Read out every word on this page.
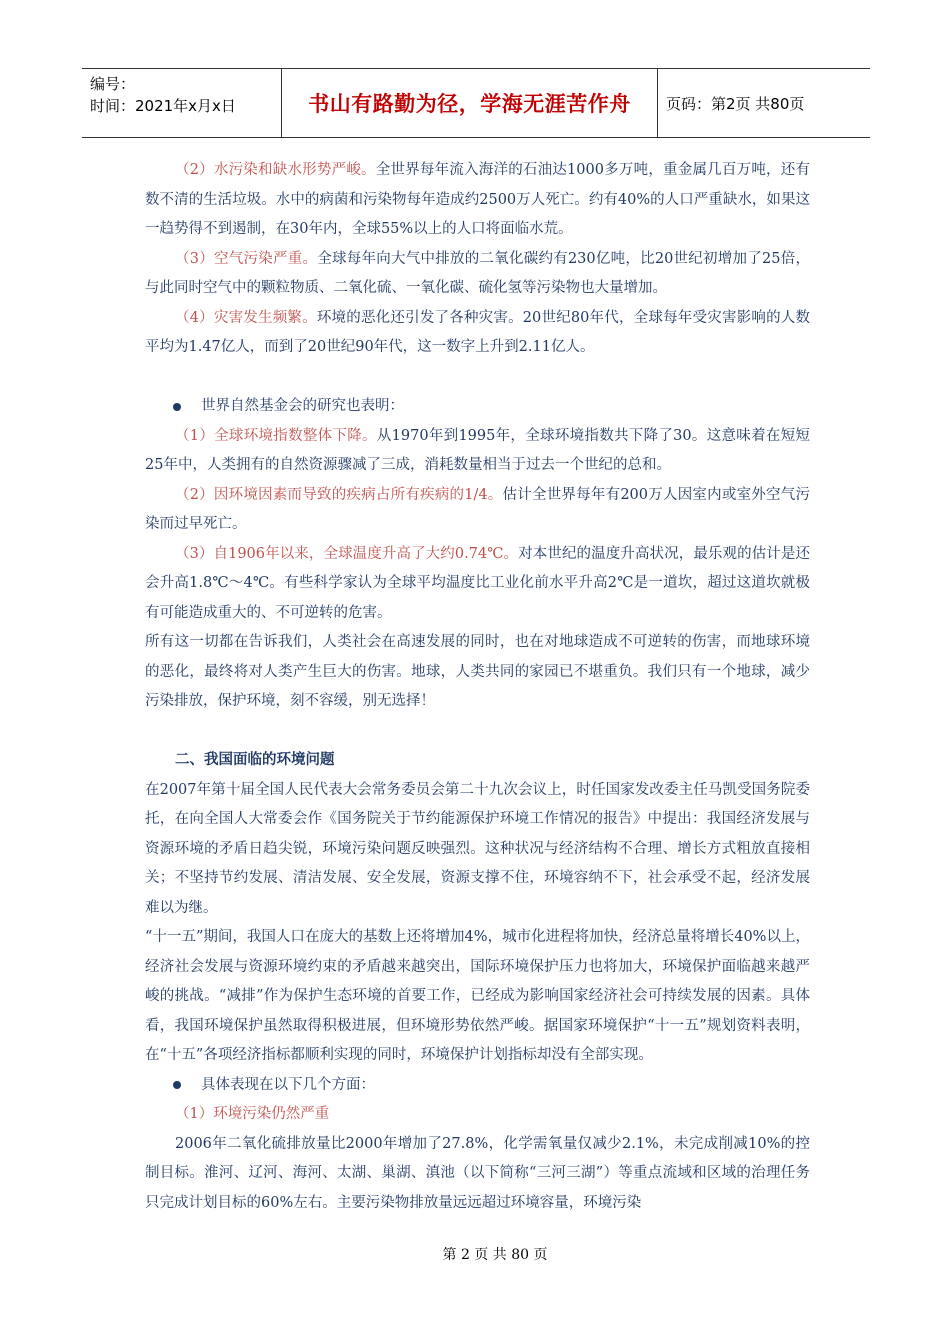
编号：
时间：2021年x月x日	书山有路勤为径，学海无涯苦作舟	页码：第2页 共80页

（2）水污染和缺水形势严峻。全世界每年流入海洋的石油达1000多万吨，重金属几百万吨，还有数不清的生活垃圾。水中的病菌和污染物每年造成约2500万人死亡。约有40%的人口严重缺水，如果这一趋势得不到遏制，在30年内，全球55%以上的人口将面临水荒。

（3）空气污染严重。全球每年向大气中排放的二氧化碳约有230亿吨，比20世纪初增加了25倍，与此同时空气中的颗粒物质、二氧化硫、一氧化碳、硫化氢等污染物也大量增加。

（4）灾害发生频繁。环境的恶化还引发了各种灾害。20世纪80年代，全球每年受灾害影响的人数平均为1.47亿人，而到了20世纪90年代，这一数字上升到2.11亿人。

世界自然基金会的研究也表明：

（1）全球环境指数整体下降。从1970年到1995年，全球环境指数共下降了30。这意味着在短短25年中，人类拥有的自然资源骤减了三成，消耗数量相当于过去一个世纪的总和。

（2）因环境因素而导致的疾病占所有疾病的1/4。估计全世界每年有200万人因室内或室外空气污染而过早死亡。

（3）自1906年以来，全球温度升高了大约0.74℃。对本世纪的温度升高状况，最乐观的估计是还会升高1.8℃～4℃。有些科学家认为全球平均温度比工业化前水平升高2℃是一道坎，超过这道坎就极有可能造成重大的、不可逆转的危害。

所有这一切都在告诉我们，人类社会在高速发展的同时，也在对地球造成不可逆转的伤害，而地球环境的恶化，最终将对人类产生巨大的伤害。地球，人类共同的家园已不堪重负。我们只有一个地球，减少污染排放，保护环境，刻不容缓，别无选择！

二、我国面临的环境问题

在2007年第十届全国人民代表大会常务委员会第二十九次会议上，时任国家发改委主任马凯受国务院委托，在向全国人大常委会作《国务院关于节约能源保护环境工作情况的报告》中提出：我国经济发展与资源环境的矛盾日趋尖锐，环境污染问题反映强烈。这种状况与经济结构不合理、增长方式粗放直接相关；不坚持节约发展、清洁发展、安全发展，资源支撑不住，环境容纳不下，社会承受不起，经济发展难以为继。

“十一五”期间，我国人口在庞大的基数上还将增加4%，城市化进程将加快，经济总量将增长40%以上，经济社会发展与资源环境约束的矛盾越来越突出，国际环境保护压力也将加大，环境保护面临越来越严峻的挑战。“减排”作为保护生态环境的首要工作，已经成为影响国家经济社会可持续发展的因素。具体看，我国环境保护虽然取得积极进展，但环境形势依然严峻。据国家环境保护“十一五”规划资料表明，在“十五”各项经济指标都顺利实现的同时，环境保护计划指标却没有全部实现。

具体表现在以下几个方面：

（1）环境污染仍然严重

2006年二氧化硫排放量比2000年增加了27.8%，化学需氧量仅减少2.1%，未完成削减10%的控制目标。淮河、辽河、海河、太湖、巢湖、滇池（以下简称“三河三湖”）等重点流域和区域的治理任务只完成计划目标的60%左右。主要污染物排放量远远超过环境容量，环境污染

第 2 页 共 80 页
